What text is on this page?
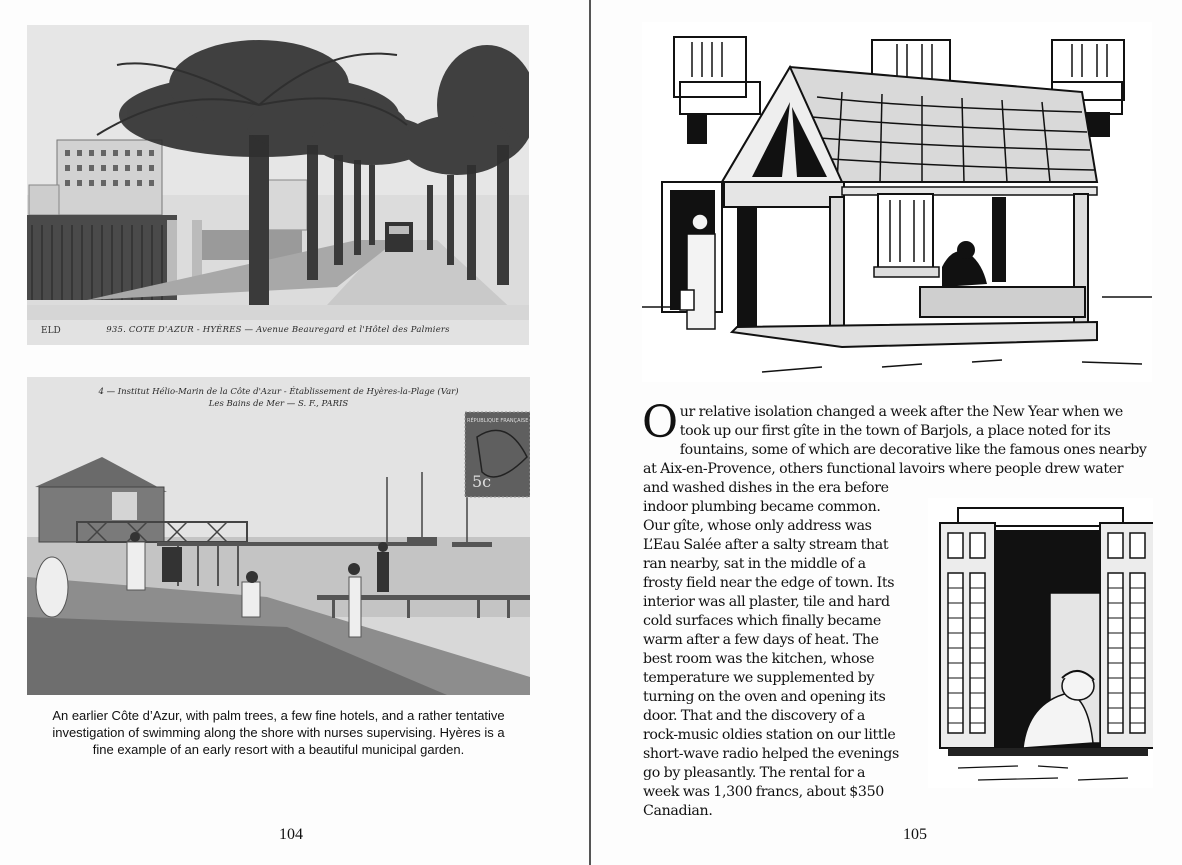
ELD	935. COTE D'AZUR - HYÈRES — Avenue Beauregard et l'Hôtel des Palmiers
5c
RÉPUBLIQUE FRANÇAISE
4 — Institut Hélio-Marin de la Côte d'Azur - Établissement de Hyères-la-Plage (Var)
Les Bains de Mer — S. F., PARIS
An earlier Côte d’Azur, with palm trees, a few fine hotels, and a rather tentative
investigation of swimming along the shore with nurses supervising. Hyères is a
fine example of an early resort with a beautiful municipal garden.
104
O ur relative isolation changed a week after the New Year when we
took up our first gîte in the town of Barjols, a place noted for its
fountains, some of which are decorative like the famous ones nearby
at Aix-en-Provence, others functional lavoirs where people drew water
and washed dishes in the era before
indoor plumbing became common.
Our gîte, whose only address was
L’Eau Salée after a salty stream that
ran nearby, sat in the middle of a
frosty field near the edge of town. Its
interior was all plaster, tile and hard
cold surfaces which finally became
warm after a few days of heat. The
best room was the kitchen, whose
temperature we supplemented by
turning on the oven and opening its
door. That and the discovery of a
rock-music oldies station on our little
short-wave radio helped the evenings
go by pleasantly. The rental for a
week was 1,300 francs, about $350
Canadian.
105
